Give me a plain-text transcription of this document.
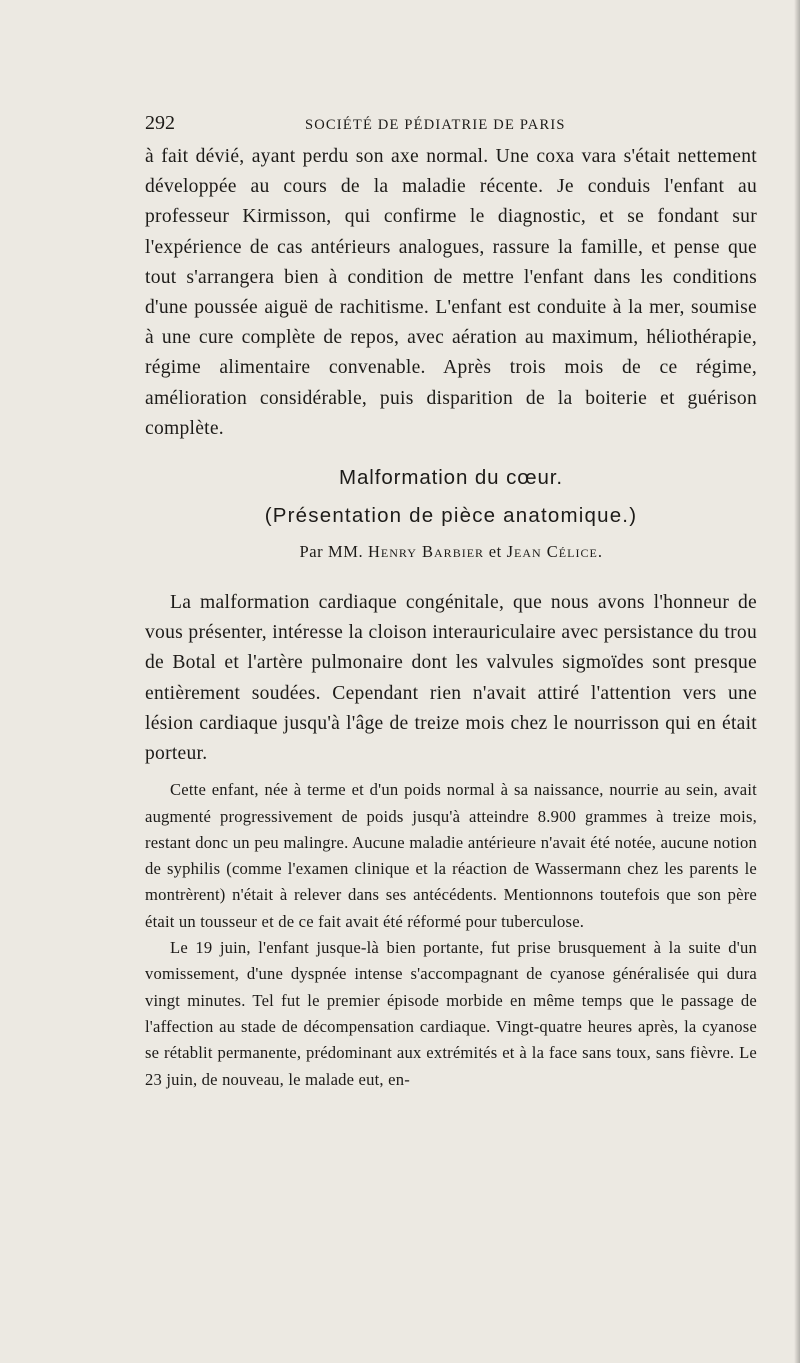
292	SOCIÉTÉ DE PÉDIATRIE DE PARIS

à fait dévié, ayant perdu son axe normal. Une coxa vara s'était nettement développée au cours de la maladie récente. Je conduis l'enfant au professeur Kirmisson, qui confirme le diagnostic, et se fondant sur l'expérience de cas antérieurs analogues, rassure la famille, et pense que tout s'arrangera bien à condition de mettre l'enfant dans les conditions d'une poussée aiguë de rachitisme. L'enfant est conduite à la mer, soumise à une cure complète de repos, avec aération au maximum, héliothérapie, régime alimentaire convenable. Après trois mois de ce régime, amélioration considérable, puis disparition de la boiterie et guérison complète.

Malformation du cœur.
(Présentation de pièce anatomique.)
Par MM. Henry Barbier et Jean Célice.

La malformation cardiaque congénitale, que nous avons l'honneur de vous présenter, intéresse la cloison interauriculaire avec persistance du trou de Botal et l'artère pulmonaire dont les valvules sigmoïdes sont presque entièrement soudées. Cependant rien n'avait attiré l'attention vers une lésion cardiaque jusqu'à l'âge de treize mois chez le nourrisson qui en était porteur.

Cette enfant, née à terme et d'un poids normal à sa naissance, nourrie au sein, avait augmenté progressivement de poids jusqu'à atteindre 8.900 grammes à treize mois, restant donc un peu malingre. Aucune maladie antérieure n'avait été notée, aucune notion de syphilis (comme l'examen clinique et la réaction de Wassermann chez les parents le montrèrent) n'était à relever dans ses antécédents. Mentionnons toutefois que son père était un tousseur et de ce fait avait été réformé pour tuberculose.

Le 19 juin, l'enfant jusque-là bien portante, fut prise brusquement à la suite d'un vomissement, d'une dyspnée intense s'accompagnant de cyanose généralisée qui dura vingt minutes. Tel fut le premier épisode morbide en même temps que le passage de l'affection au stade de décompensation cardiaque. Vingt-quatre heures après, la cyanose se rétablit permanente, prédominant aux extrémités et à la face sans toux, sans fièvre. Le 23 juin, de nouveau, le malade eut, en-
